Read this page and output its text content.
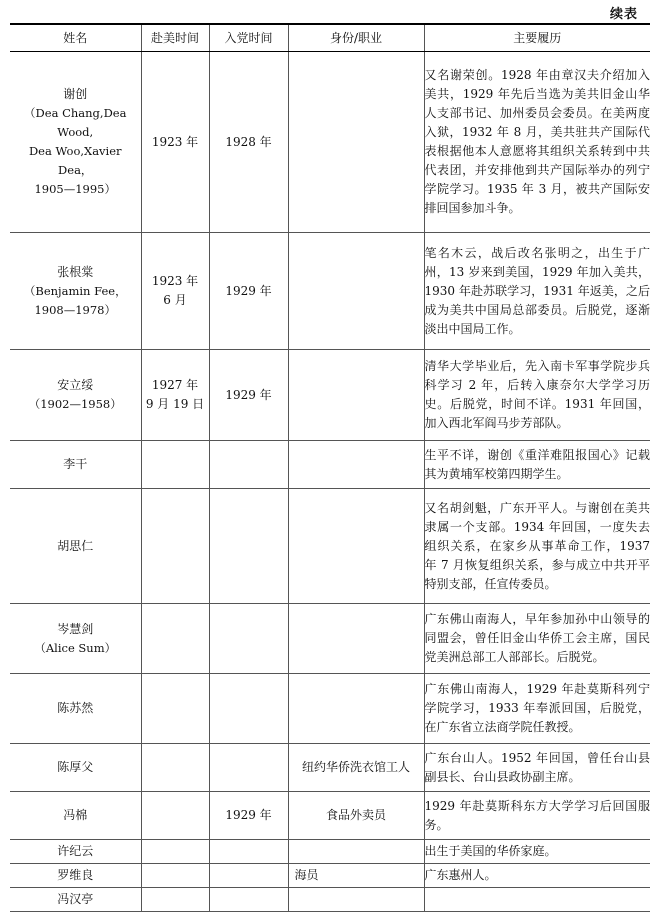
续表
姓名	赴美时间	入党时间	身份/职业	主要履历

谢创
（Dea Chang,Dea Wood,
Dea Woo,Xavier Dea，
1905—1995）	1923 年	1928 年		又名谢荣创。1928 年由章汉夫介绍加入美共，1929 年先后当选为美共旧金山华人支部书记、加州委员会委员。在美两度入狱，1932 年 8 月，美共驻共产国际代表根据他本人意愿将其组织关系转到中共代表团，并安排他到共产国际举办的列宁学院学习。1935 年 3 月，被共产国际安排回国参加斗争。

张根棠
（Benjamin Fee，
1908—1978）	1923 年
6 月	1929 年		笔名木云，战后改名张明之，出生于广州，13 岁来到美国，1929 年加入美共，1930 年赴苏联学习，1931 年返美，之后成为美共中国局总部委员。后脱党，逐渐淡出中国局工作。

安立绥
（1902—1958）	1927 年
9 月 19 日	1929 年		清华大学毕业后，先入南卡军事学院步兵科学习 2 年，后转入康奈尔大学学习历史。后脱党，时间不详。1931 年回国，加入西北军阎马步芳部队。
李干				生平不详，谢创《重洋难阻报国心》记载其为黄埔军校第四期学生。
胡思仁				又名胡剑魁，广东开平人。与谢创在美共隶属一个支部。1934 年回国，一度失去组织关系，在家乡从事革命工作，1937 年 7 月恢复组织关系，参与成立中共开平特别支部，任宣传委员。

岑慧剑
（Alice Sum）				广东佛山南海人，早年参加孙中山领导的同盟会，曾任旧金山华侨工会主席，国民党美洲总部工人部部长。后脱党。
陈苏然				广东佛山南海人，1929 年赴莫斯科列宁学院学习，1933 年奉派回国，后脱党，在广东省立法商学院任教授。
陈厚父			纽约华侨洗衣馆工人	广东台山人。1952 年回国，曾任台山县副县长、台山县政协副主席。
冯棉		1929 年	食品外卖员	1929 年赴莫斯科东方大学学习后回国服务。
许纪云				出生于美国的华侨家庭。
罗维良			海员	广东惠州人。
冯汉亭				
